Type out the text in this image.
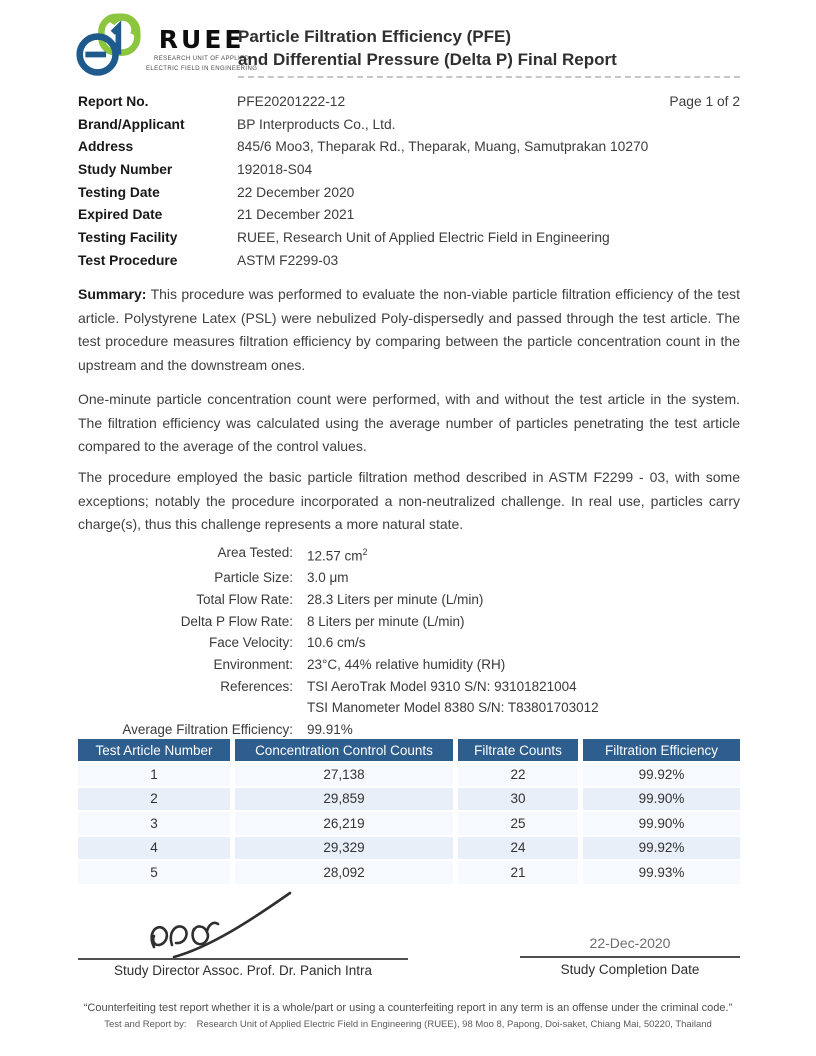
RUEE
RESEARCH UNIT OF APPLIED
ELECTRIC FIELD IN ENGINEERING
Particle Filtration Efficiency (PFE)
and Differential Pressure (Delta P) Final Report
Report No.	PFE20201222-12	Page 1 of 2
Brand/Applicant	BP Interproducts Co., Ltd.
Address	845/6 Moo3, Theparak Rd., Theparak, Muang, Samutprakan 10270
Study Number	192018-S04
Testing Date	22 December 2020
Expired Date	21 December 2021
Testing Facility	RUEE, Research Unit of Applied Electric Field in Engineering
Test Procedure	ASTM F2299-03
Summary: This procedure was performed to evaluate the non-viable particle filtration efficiency of the test article. Polystyrene Latex (PSL) were nebulized Poly-dispersedly and passed through the test article. The test procedure measures filtration efficiency by comparing between the particle concentration count in the upstream and the downstream ones.
One-minute particle concentration count were performed, with and without the test article in the system. The filtration efficiency was calculated using the average number of particles penetrating the test article compared to the average of the control values.
The procedure employed the basic particle filtration method described in ASTM F2299 - 03, with some exceptions; notably the procedure incorporated a non-neutralized challenge. In real use, particles carry charge(s), thus this challenge represents a more natural state.
Area Tested: 12.57 $cm^2$
Particle Size: 3.0 μm
Total Flow Rate: 28.3 Liters per minute (L/min)
Delta P Flow Rate: 8 Liters per minute (L/min)
Face Velocity: 10.6 cm/s
Environment: 23°C, 44% relative humidity (RH)
References: TSI AeroTrak Model 9310 S/N: 93101821004
TSI Manometer Model 8380 S/N: T83801703012
Average Filtration Efficiency: 99.91%
Test Article Number	Concentration Control Counts	Filtrate Counts	Filtration Efficiency
1	27,138	22	99.92%
2	29,859	30	99.90%
3	26,219	25	99.90%
4	29,329	24	99.92%
5	28,092	21	99.93%
Study Director Assoc. Prof. Dr. Panich Intra
22-Dec-2020
Study Completion Date
“Counterfeiting test report whether it is a whole/part or using a counterfeiting report in any term is an offense under the criminal code.”
Test and Report by: Research Unit of Applied Electric Field in Engineering (RUEE), 98 Moo 8, Papong, Doi-saket, Chiang Mai, 50220, Thailand
